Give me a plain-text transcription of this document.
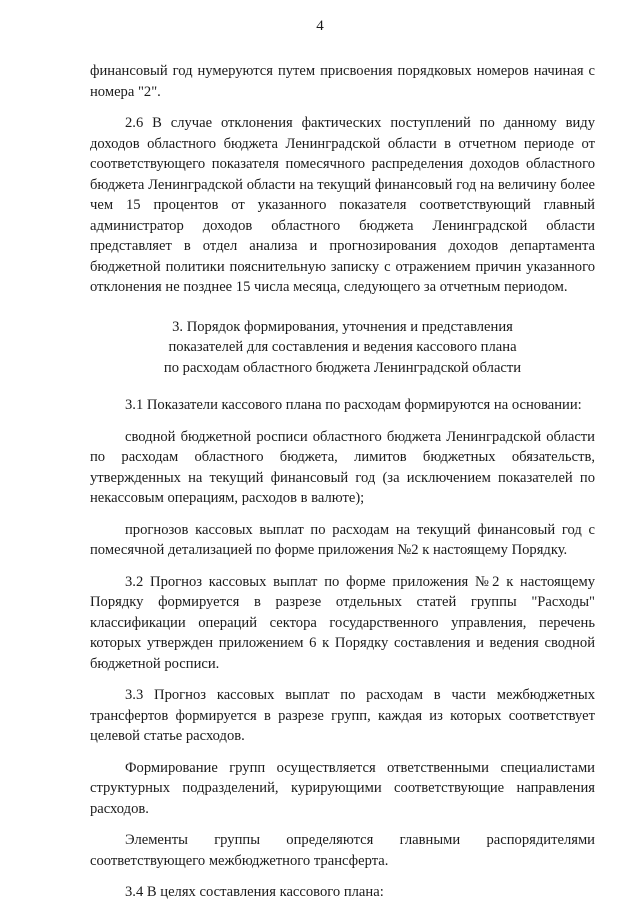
4

финансовый год нумеруются путем присвоения порядковых номеров начиная с номера "2".

2.6 В случае отклонения фактических поступлений по данному виду доходов областного бюджета Ленинградской области в отчетном периоде от соответствующего показателя помесячного распределения доходов областного бюджета Ленинградской области на текущий финансовый год на величину более чем 15 процентов от указанного показателя соответствующий главный администратор доходов областного бюджета Ленинградской области представляет в отдел анализа и прогнозирования доходов департамента бюджетной политики пояснительную записку с отражением причин указанного отклонения не позднее 15 числа месяца, следующего за отчетным периодом.

3. Порядок формирования, уточнения и представления
показателей для составления и ведения кассового плана
по расходам областного бюджета Ленинградской области

3.1 Показатели кассового плана по расходам формируются на основании:

сводной бюджетной росписи областного бюджета Ленинградской области по расходам областного бюджета, лимитов бюджетных обязательств, утвержденных на текущий финансовый год (за исключением показателей по некассовым операциям, расходов в валюте);

прогнозов кассовых выплат по расходам на текущий финансовый год с помесячной детализацией по форме приложения №2 к настоящему Порядку.

3.2 Прогноз кассовых выплат по форме приложения №2 к настоящему Порядку формируется в разрезе отдельных статей группы "Расходы" классификации операций сектора государственного управления, перечень которых утвержден приложением 6 к Порядку составления и ведения сводной бюджетной росписи.

3.3 Прогноз кассовых выплат по расходам в части межбюджетных трансфертов формируется в разрезе групп, каждая из которых соответствует целевой статье расходов.

Формирование групп осуществляется ответственными специалистами структурных подразделений, курирующими соответствующие направления расходов.

Элементы группы определяются главными распорядителями соответствующего межбюджетного трансферта.

3.4 В целях составления кассового плана:
